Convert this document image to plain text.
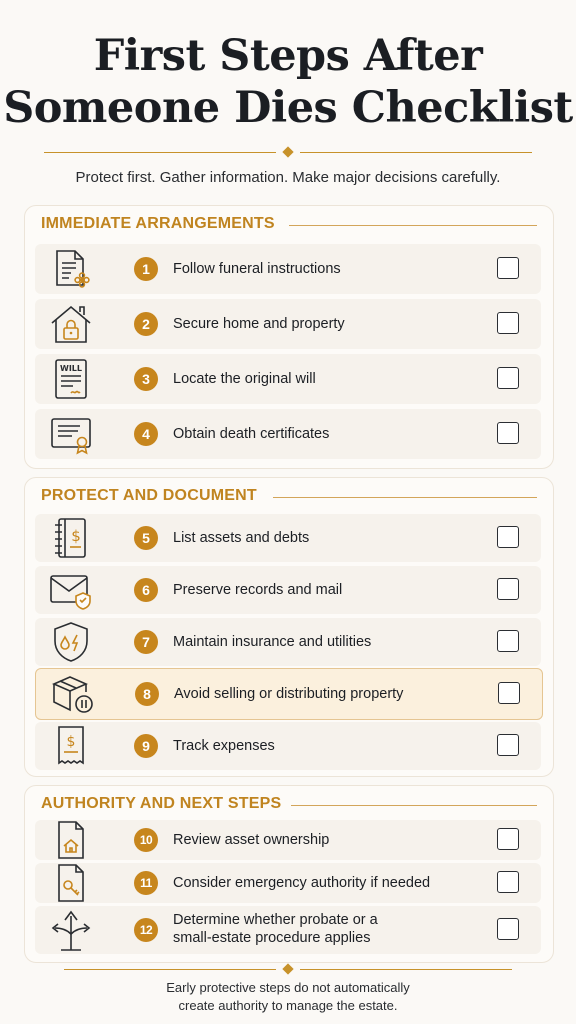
First Steps After
Someone Dies Checklist
Protect first. Gather information. Make major decisions carefully.
IMMEDIATE ARRANGEMENTS
1	Follow funeral instructions
2	Secure home and property
WILL
3	Locate the original will
4	Obtain death certificates
PROTECT AND DOCUMENT
$	5	List assets and debts
6	Preserve records and mail
7	Maintain insurance and utilities
8	Avoid selling or distributing property
$	9	Track expenses
AUTHORITY AND NEXT STEPS
10	Review asset ownership
11	Consider emergency authority if needed
12
Determine whether probate or a
small-estate procedure applies
Early protective steps do not automatically
create authority to manage the estate.
